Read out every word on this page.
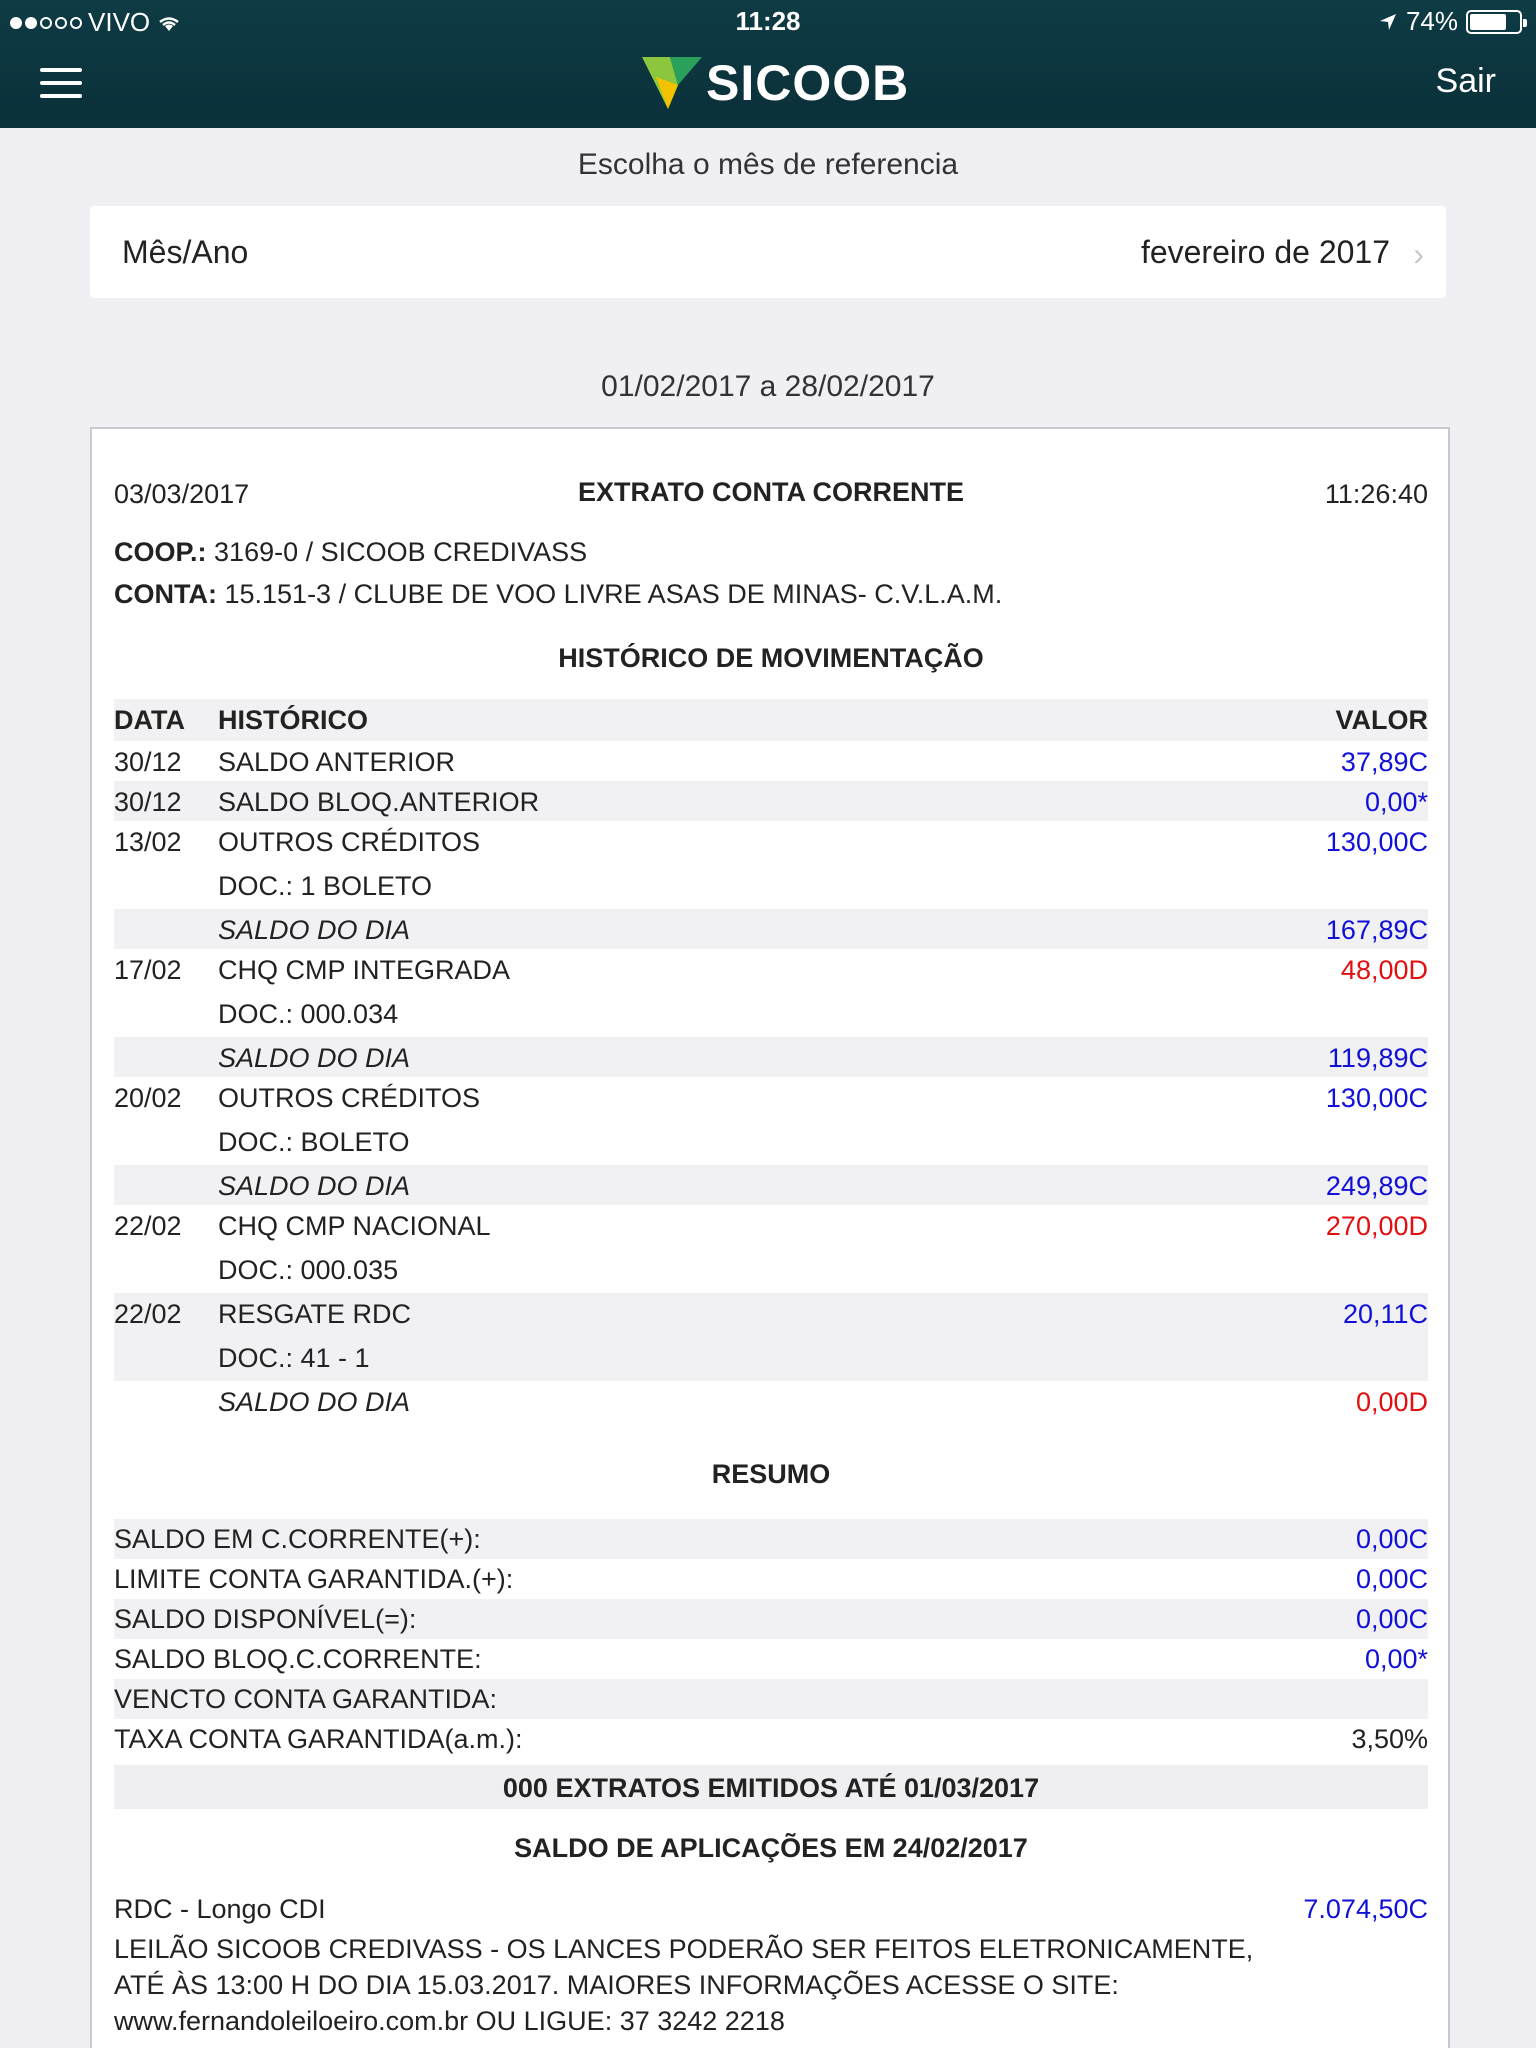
VIVO	11:28	74%
SICOOB	Sair
Escolha o mês de referencia
Mês/Ano	fevereiro de 2017 ›
01/02/2017 a 28/02/2017
03/03/2017	EXTRATO CONTA CORRENTE	11:26:40
COOP.: 3169-0 / SICOOB CREDIVASS
CONTA: 15.151-3 / CLUBE DE VOO LIVRE ASAS DE MINAS- C.V.L.A.M.
HISTÓRICO DE MOVIMENTAÇÃO
DATA HISTÓRICO	VALOR
30/12 SALDO ANTERIOR	37,89C
30/12 SALDO BLOQ.ANTERIOR	0,00*
13/02 OUTROS CRÉDITOS	130,00C
DOC.: 1 BOLETO
SALDO DO DIA	167,89C
17/02 CHQ CMP INTEGRADA	48,00D
DOC.: 000.034
SALDO DO DIA	119,89C
20/02 OUTROS CRÉDITOS	130,00C
DOC.: BOLETO
SALDO DO DIA	249,89C
22/02 CHQ CMP NACIONAL	270,00D
DOC.: 000.035
22/02 RESGATE RDC	20,11C
DOC.: 41 - 1
SALDO DO DIA	0,00D
RESUMO
SALDO EM C.CORRENTE(+):	0,00C
LIMITE CONTA GARANTIDA.(+):	0,00C
SALDO DISPONÍVEL(=):	0,00C
SALDO BLOQ.C.CORRENTE:	0,00*
VENCTO CONTA GARANTIDA:
TAXA CONTA GARANTIDA(a.m.):	3,50%
000 EXTRATOS EMITIDOS ATÉ 01/03/2017
SALDO DE APLICAÇÕES EM 24/02/2017
RDC - Longo CDI	7.074,50C
LEILÃO SICOOB CREDIVASS - OS LANCES PODERÃO SER FEITOS ELETRONICAMENTE,
ATÉ ÀS 13:00 H DO DIA 15.03.2017. MAIORES INFORMAÇÕES ACESSE O SITE:
www.fernandoleiloeiro.com.br OU LIGUE: 37 3242 2218
